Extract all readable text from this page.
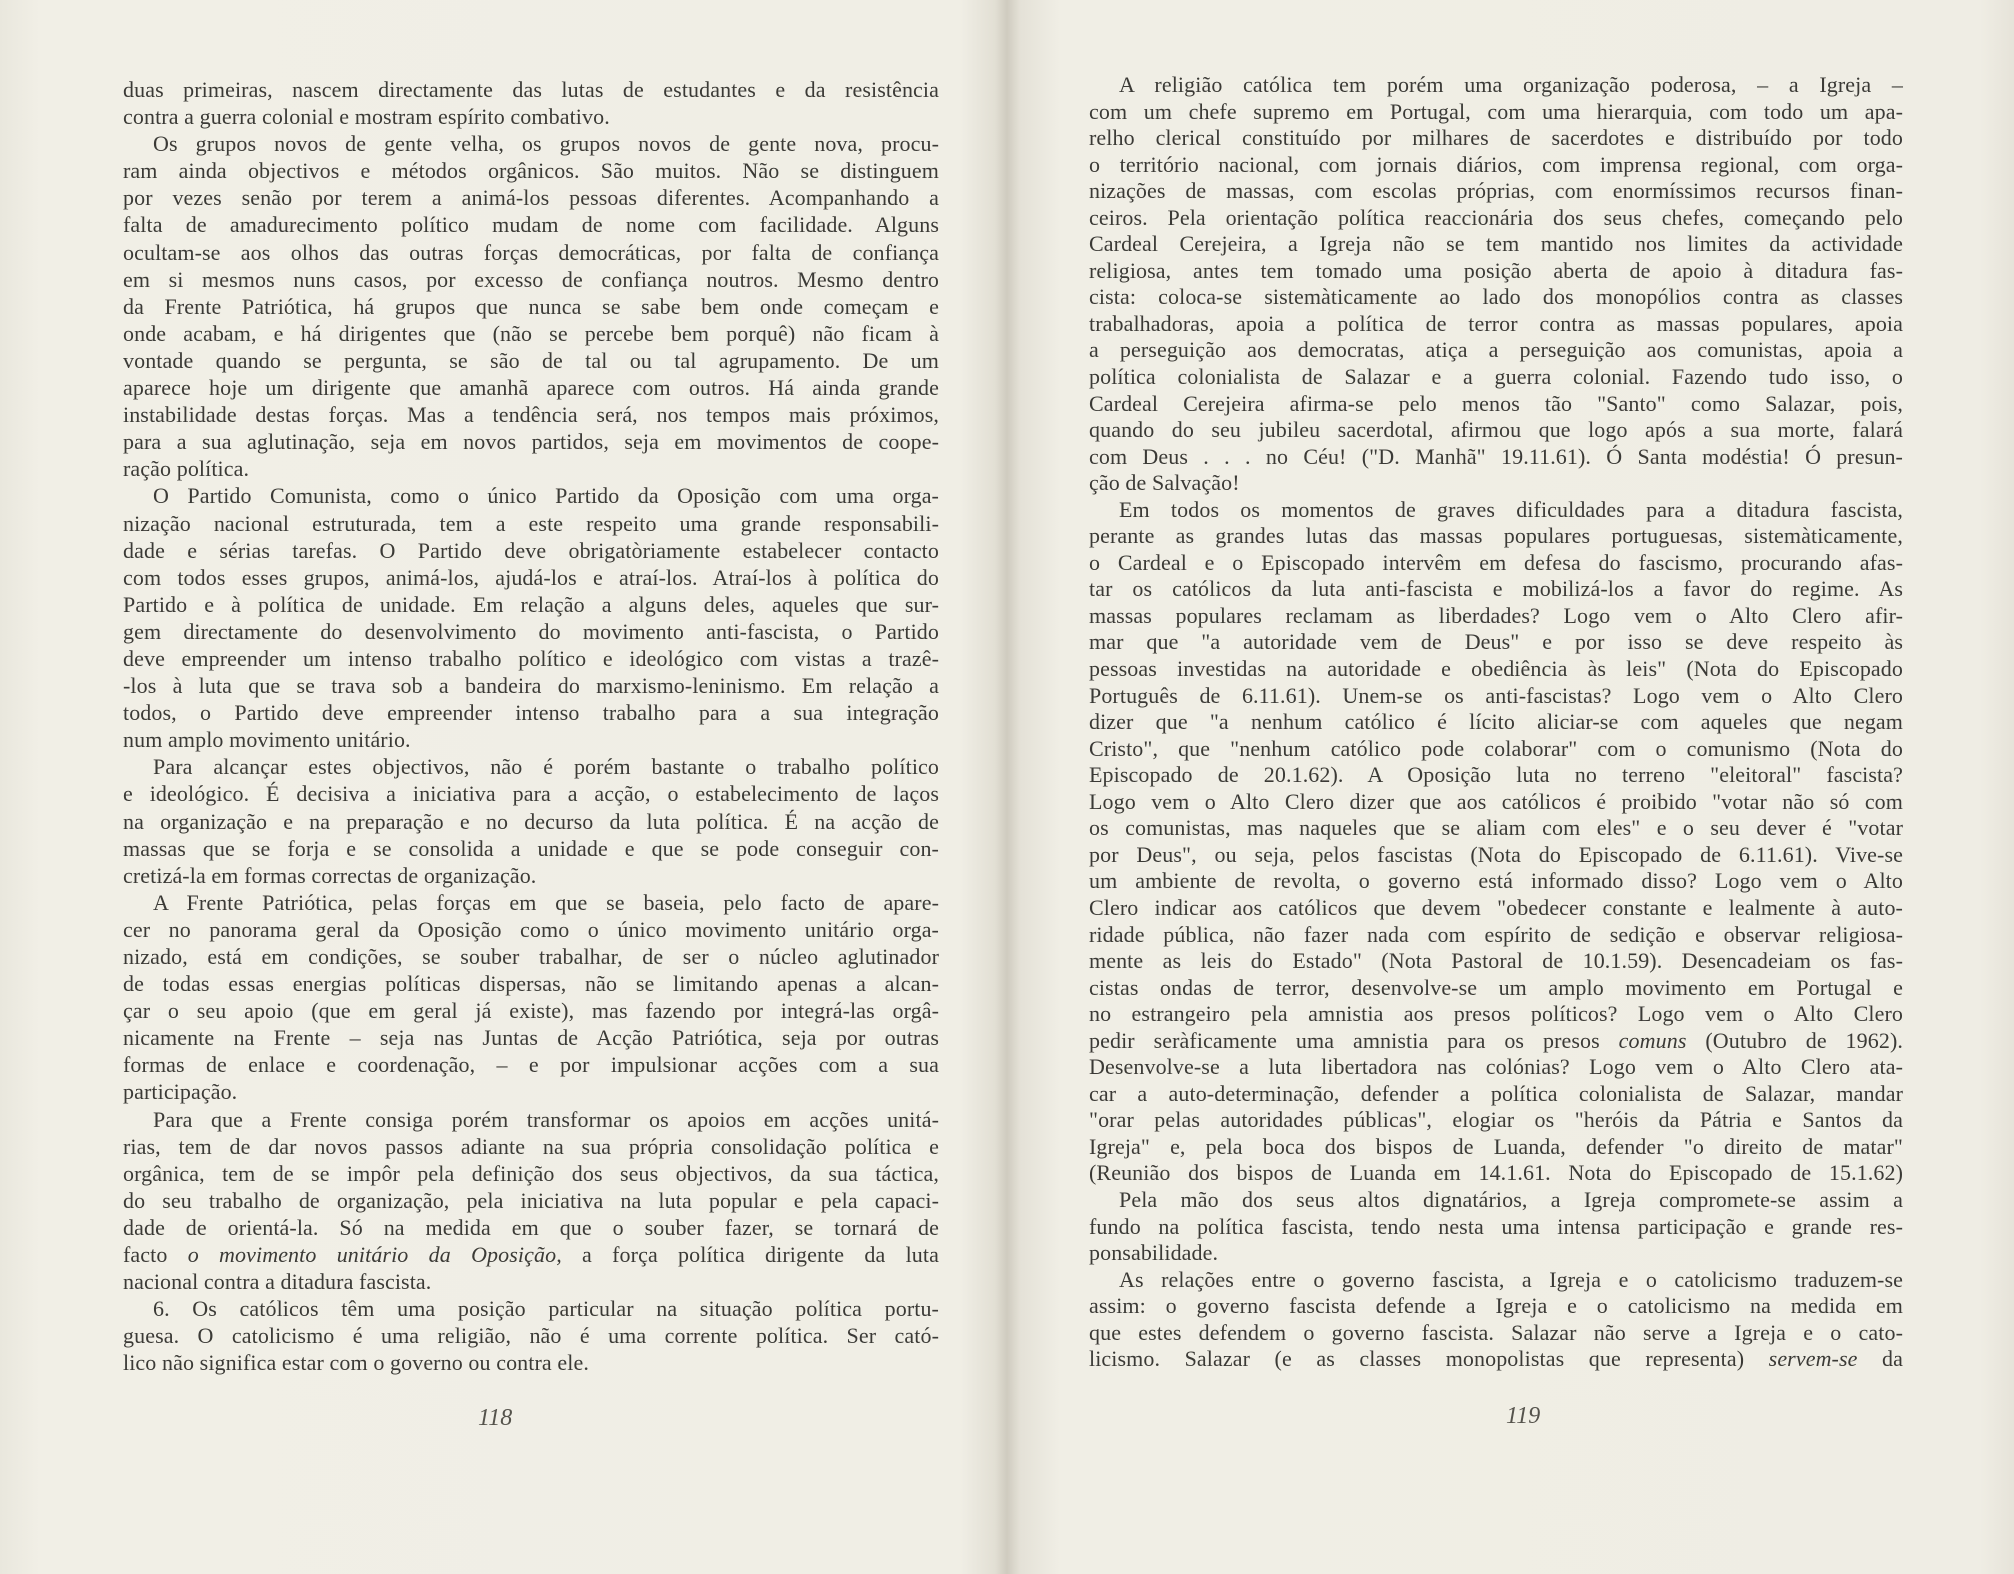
duas primeiras, nascem directamente das lutas de estudantes e da resistência
contra a guerra colonial e mostram espírito combativo.
Os grupos novos de gente velha, os grupos novos de gente nova, procu-
ram ainda objectivos e métodos orgânicos. São muitos. Não se distinguem
por vezes senão por terem a animá-los pessoas diferentes. Acompanhando a
falta de amadurecimento político mudam de nome com facilidade. Alguns
ocultam-se aos olhos das outras forças democráticas, por falta de confiança
em si mesmos nuns casos, por excesso de confiança noutros. Mesmo dentro
da Frente Patriótica, há grupos que nunca se sabe bem onde começam e
onde acabam, e há dirigentes que (não se percebe bem porquê) não ficam à
vontade quando se pergunta, se são de tal ou tal agrupamento. De um
aparece hoje um dirigente que amanhã aparece com outros. Há ainda grande
instabilidade destas forças. Mas a tendência será, nos tempos mais próximos,
para a sua aglutinação, seja em novos partidos, seja em movimentos de coope-
ração política.
O Partido Comunista, como o único Partido da Oposição com uma orga-
nização nacional estruturada, tem a este respeito uma grande responsabili-
dade e sérias tarefas. O Partido deve obrigatòriamente estabelecer contacto
com todos esses grupos, animá-los, ajudá-los e atraí-los. Atraí-los à política do
Partido e à política de unidade. Em relação a alguns deles, aqueles que sur-
gem directamente do desenvolvimento do movimento anti-fascista, o Partido
deve empreender um intenso trabalho político e ideológico com vistas a trazê-
-los à luta que se trava sob a bandeira do marxismo-leninismo. Em relação a
todos, o Partido deve empreender intenso trabalho para a sua integração
num amplo movimento unitário.
Para alcançar estes objectivos, não é porém bastante o trabalho político
e ideológico. É decisiva a iniciativa para a acção, o estabelecimento de laços
na organização e na preparação e no decurso da luta política. É na acção de
massas que se forja e se consolida a unidade e que se pode conseguir con-
cretizá-la em formas correctas de organização.
A Frente Patriótica, pelas forças em que se baseia, pelo facto de apare-
cer no panorama geral da Oposição como o único movimento unitário orga-
nizado, está em condições, se souber trabalhar, de ser o núcleo aglutinador
de todas essas energias políticas dispersas, não se limitando apenas a alcan-
çar o seu apoio (que em geral já existe), mas fazendo por integrá-las orgâ-
nicamente na Frente – seja nas Juntas de Acção Patriótica, seja por outras
formas de enlace e coordenação, – e por impulsionar acções com a sua
participação.
Para que a Frente consiga porém transformar os apoios em acções unitá-
rias, tem de dar novos passos adiante na sua própria consolidação política e
orgânica, tem de se impôr pela definição dos seus objectivos, da sua táctica,
do seu trabalho de organização, pela iniciativa na luta popular e pela capaci-
dade de orientá-la. Só na medida em que o souber fazer, se tornará de
facto o movimento unitário da Oposição, a força política dirigente da luta
nacional contra a ditadura fascista.
6. Os católicos têm uma posição particular na situação política portu-
guesa. O catolicismo é uma religião, não é uma corrente política. Ser cató-
lico não significa estar com o governo ou contra ele.
A religião católica tem porém uma organização poderosa, – a Igreja –
com um chefe supremo em Portugal, com uma hierarquia, com todo um apa-
relho clerical constituído por milhares de sacerdotes e distribuído por todo
o território nacional, com jornais diários, com imprensa regional, com orga-
nizações de massas, com escolas próprias, com enormíssimos recursos finan-
ceiros. Pela orientação política reaccionária dos seus chefes, começando pelo
Cardeal Cerejeira, a Igreja não se tem mantido nos limites da actividade
religiosa, antes tem tomado uma posição aberta de apoio à ditadura fas-
cista: coloca-se sistemàticamente ao lado dos monopólios contra as classes
trabalhadoras, apoia a política de terror contra as massas populares, apoia
a perseguição aos democratas, atiça a perseguição aos comunistas, apoia a
política colonialista de Salazar e a guerra colonial. Fazendo tudo isso, o
Cardeal Cerejeira afirma-se pelo menos tão "Santo" como Salazar, pois,
quando do seu jubileu sacerdotal, afirmou que logo após a sua morte, falará
com Deus . . . no Céu! ("D. Manhã" 19.11.61). Ó Santa modéstia! Ó presun-
ção de Salvação!
Em todos os momentos de graves dificuldades para a ditadura fascista,
perante as grandes lutas das massas populares portuguesas, sistemàticamente,
o Cardeal e o Episcopado intervêm em defesa do fascismo, procurando afas-
tar os católicos da luta anti-fascista e mobilizá-los a favor do regime. As
massas populares reclamam as liberdades? Logo vem o Alto Clero afir-
mar que "a autoridade vem de Deus" e por isso se deve respeito às
pessoas investidas na autoridade e obediência às leis" (Nota do Episcopado
Português de 6.11.61). Unem-se os anti-fascistas? Logo vem o Alto Clero
dizer que "a nenhum católico é lícito aliciar-se com aqueles que negam
Cristo", que "nenhum católico pode colaborar" com o comunismo (Nota do
Episcopado de 20.1.62). A Oposição luta no terreno "eleitoral" fascista?
Logo vem o Alto Clero dizer que aos católicos é proibido "votar não só com
os comunistas, mas naqueles que se aliam com eles" e o seu dever é "votar
por Deus", ou seja, pelos fascistas (Nota do Episcopado de 6.11.61). Vive-se
um ambiente de revolta, o governo está informado disso? Logo vem o Alto
Clero indicar aos católicos que devem "obedecer constante e lealmente à auto-
ridade pública, não fazer nada com espírito de sedição e observar religiosa-
mente as leis do Estado" (Nota Pastoral de 10.1.59). Desencadeiam os fas-
cistas ondas de terror, desenvolve-se um amplo movimento em Portugal e
no estrangeiro pela amnistia aos presos políticos? Logo vem o Alto Clero
pedir seràficamente uma amnistia para os presos comuns (Outubro de 1962).
Desenvolve-se a luta libertadora nas colónias? Logo vem o Alto Clero ata-
car a auto-determinação, defender a política colonialista de Salazar, mandar
"orar pelas autoridades públicas", elogiar os "heróis da Pátria e Santos da
Igreja" e, pela boca dos bispos de Luanda, defender "o direito de matar"
(Reunião dos bispos de Luanda em 14.1.61. Nota do Episcopado de 15.1.62)
Pela mão dos seus altos dignatários, a Igreja compromete-se assim a
fundo na política fascista, tendo nesta uma intensa participação e grande res-
ponsabilidade.
As relações entre o governo fascista, a Igreja e o catolicismo traduzem-se
assim: o governo fascista defende a Igreja e o catolicismo na medida em
que estes defendem o governo fascista. Salazar não serve a Igreja e o cato-
licismo. Salazar (e as classes monopolistas que representa) servem-se da
118	119
